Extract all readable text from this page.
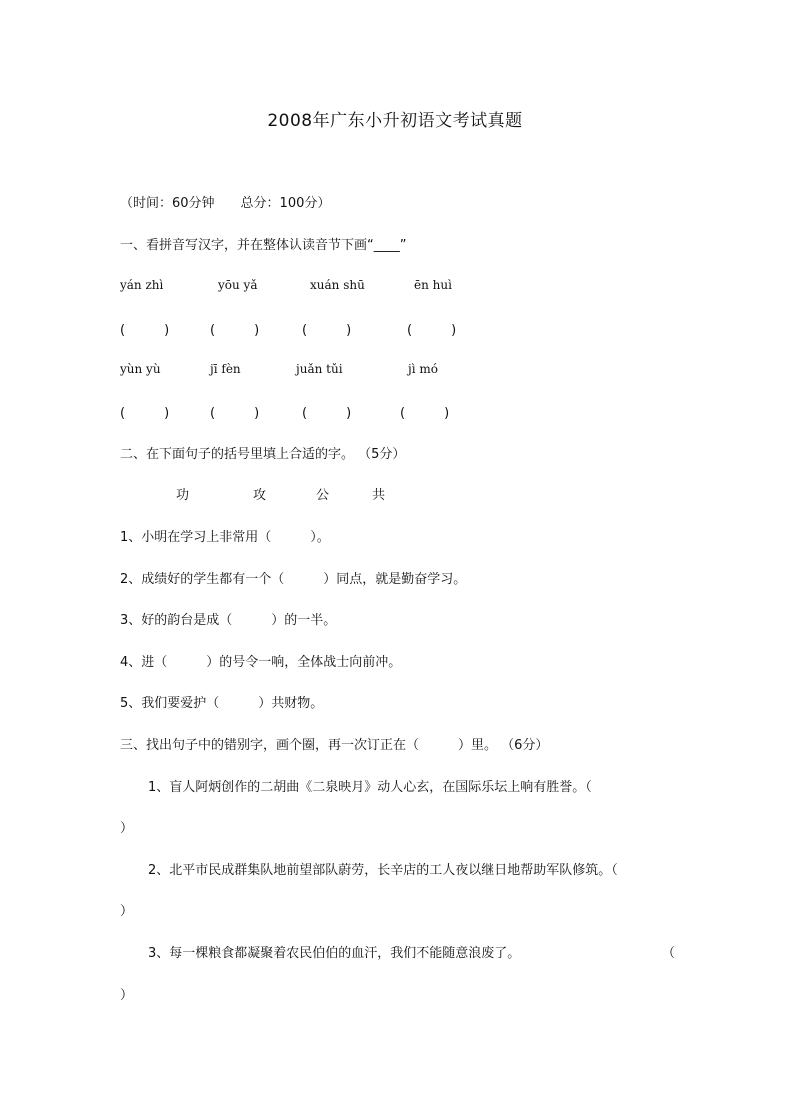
2008年广东小升初语文考试真题
（时间：60分钟　　总分：100分）
一、看拼音写汉字，并在整体认读音节下画“____”
yán zhì	yōu yǎ	xuán shū	ēn huì
(　　　)	(　　　)	(　　　)	(　　　)
yùn yù	jī fèn	juǎn tǔi	jì mó
(　　　)	(　　　)	(　　　)	(　　　)
二、在下面句子的括号里填上合适的字。 （5分）
功	攻	公	共
1、小明在学习上非常用（　　　）。
2、成绩好的学生都有一个（　　　）同点，就是勤奋学习。
3、好的韵台是成（　　　）的一半。
4、进（　　　）的号令一响，全体战士向前冲。
5、我们要爱护（　　　）共财物。
三、找出句子中的错别字，画个圈，再一次订正在（　　　）里。 （6分）
1、盲人阿炳创作的二胡曲《二泉映月》动人心玄，在国际乐坛上响有胜誉。（
）
2、北平市民成群集队地前望部队蔚劳，长辛店的工人夜以继日地帮助军队修筑。（
）
3、每一棵粮食都凝聚着农民伯伯的血汗，我们不能随意浪废了。	（
）
